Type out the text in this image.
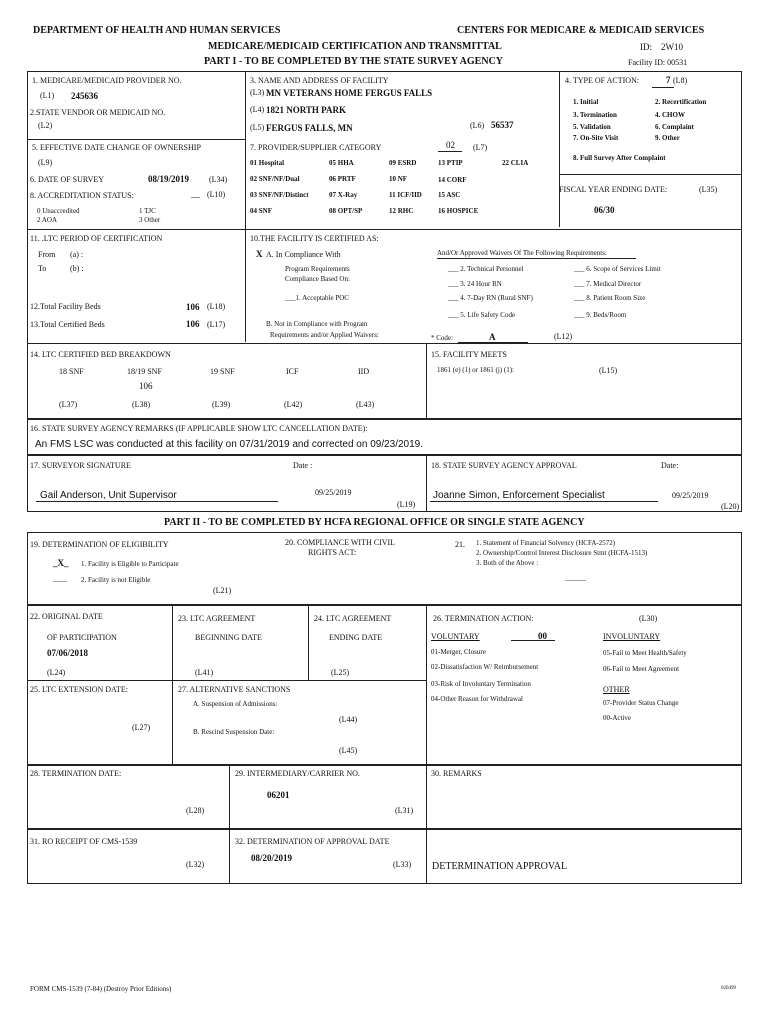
DEPARTMENT OF HEALTH AND HUMAN SERVICES	CENTERS FOR MEDICARE & MEDICAID SERVICES
MEDICARE/MEDICAID CERTIFICATION AND TRANSMITTAL
PART I - TO BE COMPLETED BY THE STATE SURVEY AGENCY
ID: 2W10
Facility ID: 00531
1. MEDICARE/MEDICAID PROVIDER NO.
(L1) 245636
2.STATE VENDOR OR MEDICAID NO.
(L2)
3. NAME AND ADDRESS OF FACILITY
(L3) MN VETERANS HOME FERGUS FALLS
(L4) 1821 NORTH PARK
(L5) FERGUS FALLS, MN	(L6) 56537
4. TYPE OF ACTION:	7 (L8)
1. Initial	2. Recertification
3. Termination	4. CHOW
5. Validation	6. Complaint
7. On-Site Visit	9. Other
8. Full Survey After Complaint
5. EFFECTIVE DATE CHANGE OF OWNERSHIP
(L9)
6. DATE OF SURVEY	08/19/2019 (L34)
8. ACCREDITATION STATUS:	__ (L10)
0 Unaccredited	1 TJC
2 AOA	3 Other
7. PROVIDER/SUPPLIER CATEGORY	02 (L7)
01 Hospital	05 HHA	09 ESRD	13 PTIP	22 CLIA
02 SNF/NF/Dual	06 PRTF	10 NF	14 CORF
03 SNF/NF/Distinct	07 X-Ray	11 ICF/IID 15 ASC
04 SNF	08 OPT/SP	12 RHC	16 HOSPICE
FISCAL YEAR ENDING DATE:	(L35)
06/30
11. .LTC PERIOD OF CERTIFICATION
From (a) :
To	(b) :
12.Total Facility Beds	106 (L18)
13.Total Certified Beds	106 (L17)
10.THE FACILITY IS CERTIFIED AS:
X A. In Compliance With
Program Requirements
Compliance Based On:
___1. Acceptable POC
B. Not in Compliance with Program
Requirements and/or Applied Waivers:
And/Or Approved Waivers Of The Following Requirements:
___ 2. Technical Personnel	___ 6. Scope of Services Limit
___ 3. 24 Hour RN	___ 7. Medical Director
___ 4. 7-Day RN (Rural SNF)	___ 8. Patient Room Size
___ 5. Life Safety Code	___ 9. Beds/Room
* Code:	A	(L12)
14. LTC CERTIFIED BED BREAKDOWN
18 SNF	18/19 SNF	19 SNF	ICF	IID
106
(L37)	(L38)	(L39)	(L42)	(L43)
15. FACILITY MEETS
1861 (e) (1) or 1861 (j) (1):	(L15)
16. STATE SURVEY AGENCY REMARKS (IF APPLICABLE SHOW LTC CANCELLATION DATE):
An FMS LSC was conducted at this facility on 07/31/2019 and corrected on 09/23/2019.
17. SURVEYOR SIGNATURE	Date :
Gail Anderson, Unit Supervisor	09/25/2019
(L19)
18. STATE SURVEY AGENCY APPROVAL	Date:
Joanne Simon, Enforcement Specialist	09/25/2019
(L20)
PART II - TO BE COMPLETED BY HCFA REGIONAL OFFICE OR SINGLE STATE AGENCY
19. DETERMINATION OF ELIGIBILITY
_X_ 1. Facility is Eligible to Participate
____ 2. Facility is not Eligible
(L21)
20. COMPLIANCE WITH CIVIL
RIGHTS ACT:
21. 1. Statement of Financial Solvency (HCFA-2572)
2. Ownership/Control Interest Disclosure Stmt (HCFA-1513)
3. Both of the Above :
______
22. ORIGINAL DATE
OF PARTICIPATION
07/06/2018
(L24)
23. LTC AGREEMENT
BEGINNING DATE
(L41)
24. LTC AGREEMENT
ENDING DATE
(L25)
25. LTC EXTENSION DATE:
(L27)
27. ALTERNATIVE SANCTIONS
A. Suspension of Admissions:
(L44)
B. Rescind Suspension Date:
(L45)
26. TERMINATION ACTION:	(L30)
VOLUNTARY	00	INVOLUNTARY
01-Merger, Closure
02-Dissatisfaction W/ Reimbursement
03-Risk of Involuntary Termination
04-Other Reason for Withdrawal
05-Fail to Meet Health/Safety
06-Fail to Meet Agreement
OTHER
07-Provider Status Change
00-Active
28. TERMINATION DATE:
(L28)
29. INTERMEDIARY/CARRIER NO.
06201
(L31)
30. REMARKS
31. RO RECEIPT OF CMS-1539
(L32)
32. DETERMINATION OF APPROVAL DATE
08/20/2019
(L33) DETERMINATION APPROVAL
FORM CMS-1539 (7-84) (Destroy Prior Editions)	020499
